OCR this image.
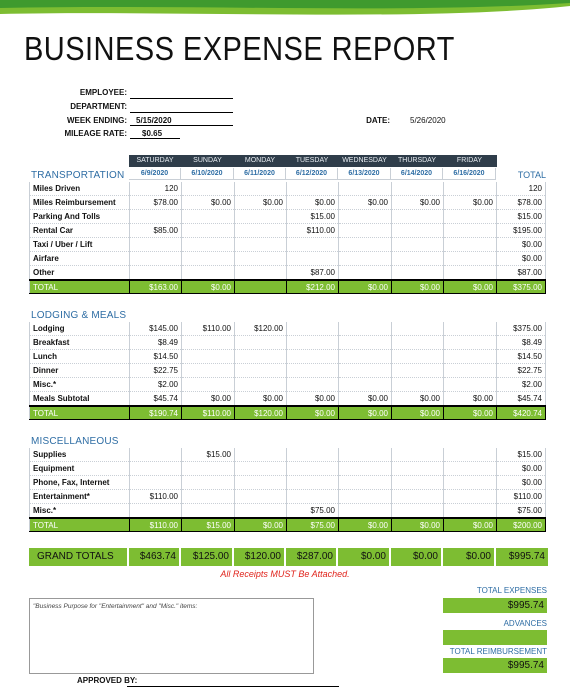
BUSINESS EXPENSE REPORT
EMPLOYEE:
DEPARTMENT:
WEEK ENDING:	5/15/2020
MILEAGE RATE:	$0.65
DATE:	5/26/2020
SATURDAY	SUNDAY	MONDAY	TUESDAY	WEDNESDAY	THURSDAY	FRIDAY
6/9/2020	6/10/2020	6/11/2020	6/12/2020	6/13/2020	6/14/2020	6/16/2020
TRANSPORTATION	TOTAL
Miles Driven	120							120
Miles Reimbursement	$78.00	$0.00	$0.00	$0.00	$0.00	$0.00	$0.00	$78.00
Parking And Tolls				$15.00				$15.00
Rental Car	$85.00			$110.00				$195.00
Taxi / Uber / Lift								$0.00
Airfare								$0.00
Other				$87.00				$87.00
TOTAL	$163.00	$0.00		$212.00	$0.00	$0.00	$0.00	$375.00
LODGING & MEALS
Lodging	$145.00	$110.00	$120.00					$375.00
Breakfast	$8.49							$8.49
Lunch	$14.50							$14.50
Dinner	$22.75							$22.75
Misc.*	$2.00							$2.00
Meals Subtotal	$45.74	$0.00	$0.00	$0.00	$0.00	$0.00	$0.00	$45.74
TOTAL	$190.74	$110.00	$120.00	$0.00	$0.00	$0.00	$0.00	$420.74
MISCELLANEOUS
Supplies		$15.00						$15.00
Equipment								$0.00
Phone, Fax, Internet								$0.00
Entertainment*	$110.00							$110.00
Misc.*				$75.00				$75.00
TOTAL	$110.00	$15.00	$0.00	$75.00	$0.00	$0.00	$0.00	$200.00
GRAND TOTALS	$463.74	$125.00	$120.00	$287.00	$0.00	$0.00	$0.00	$995.74
All Receipts MUST Be Attached.
"Business Purpose for "Entertainment" and "Misc." items:
TOTAL EXPENSES
$995.74
ADVANCES
TOTAL REIMBURSEMENT
$995.74
APPROVED BY:
